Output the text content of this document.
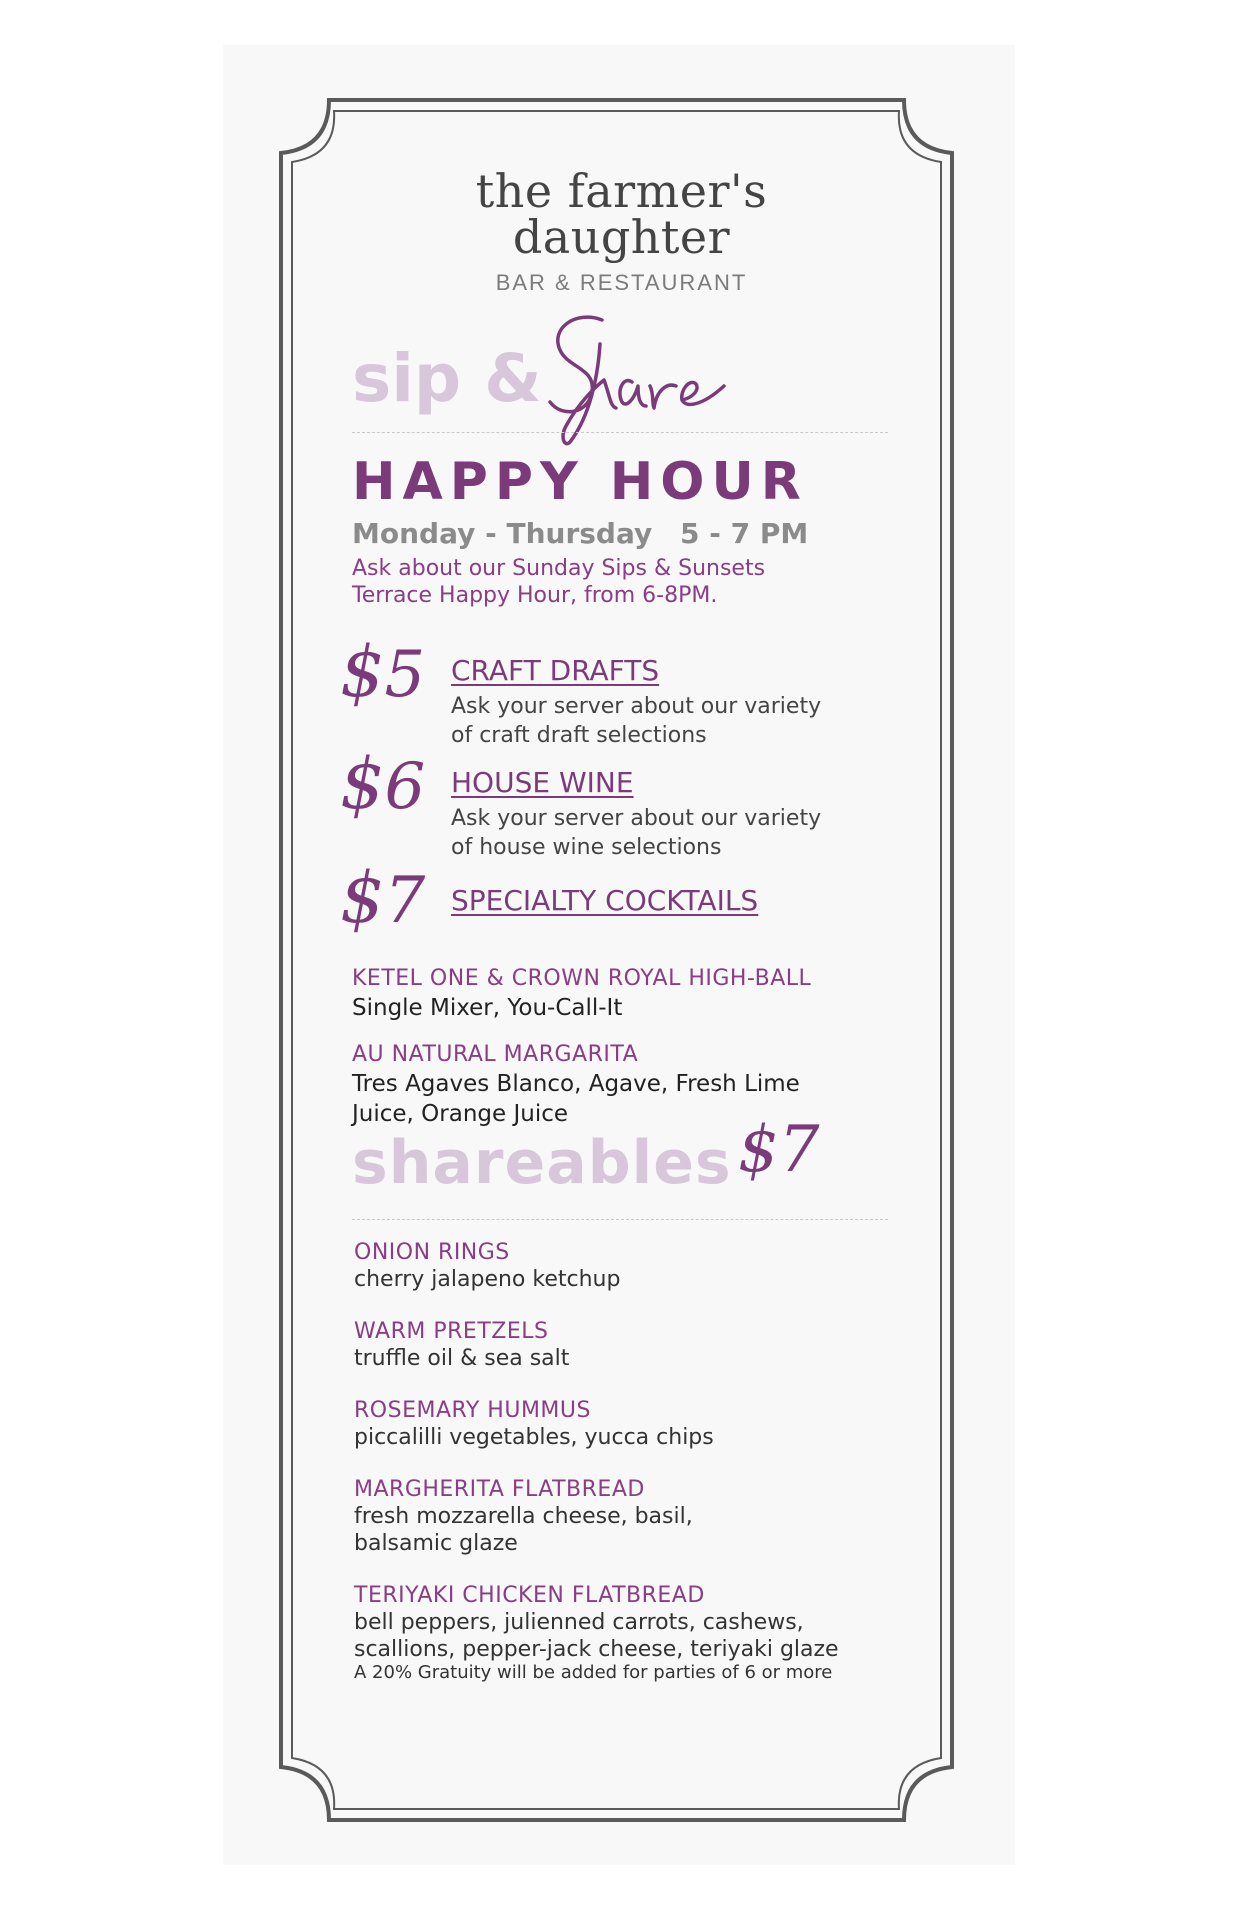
the farmer's
daughter
BAR & RESTAURANT
sip &
HAPPY HOUR
Monday - Thursday 5 - 7 PM
Ask about our Sunday Sips & Sunsets
Terrace Happy Hour, from 6-8PM.
$5 CRAFT DRAFTS
Ask your server about our variety
of craft draft selections
$6 HOUSE WINE
Ask your server about our variety
of house wine selections
$7 SPECIALTY COCKTAILS
KETEL ONE & CROWN ROYAL HIGH-BALL
Single Mixer, You-Call-It
AU NATURAL MARGARITA
Tres Agaves Blanco, Agave, Fresh Lime
Juice, Orange Juice
shareables $7
ONION RINGS
cherry jalapeno ketchup
WARM PRETZELS
truffle oil & sea salt
ROSEMARY HUMMUS
piccalilli vegetables, yucca chips
MARGHERITA FLATBREAD
fresh mozzarella cheese, basil,
balsamic glaze
TERIYAKI CHICKEN FLATBREAD
bell peppers, julienned carrots, cashews,
scallions, pepper-jack cheese, teriyaki glaze
A 20% Gratuity will be added for parties of 6 or more
